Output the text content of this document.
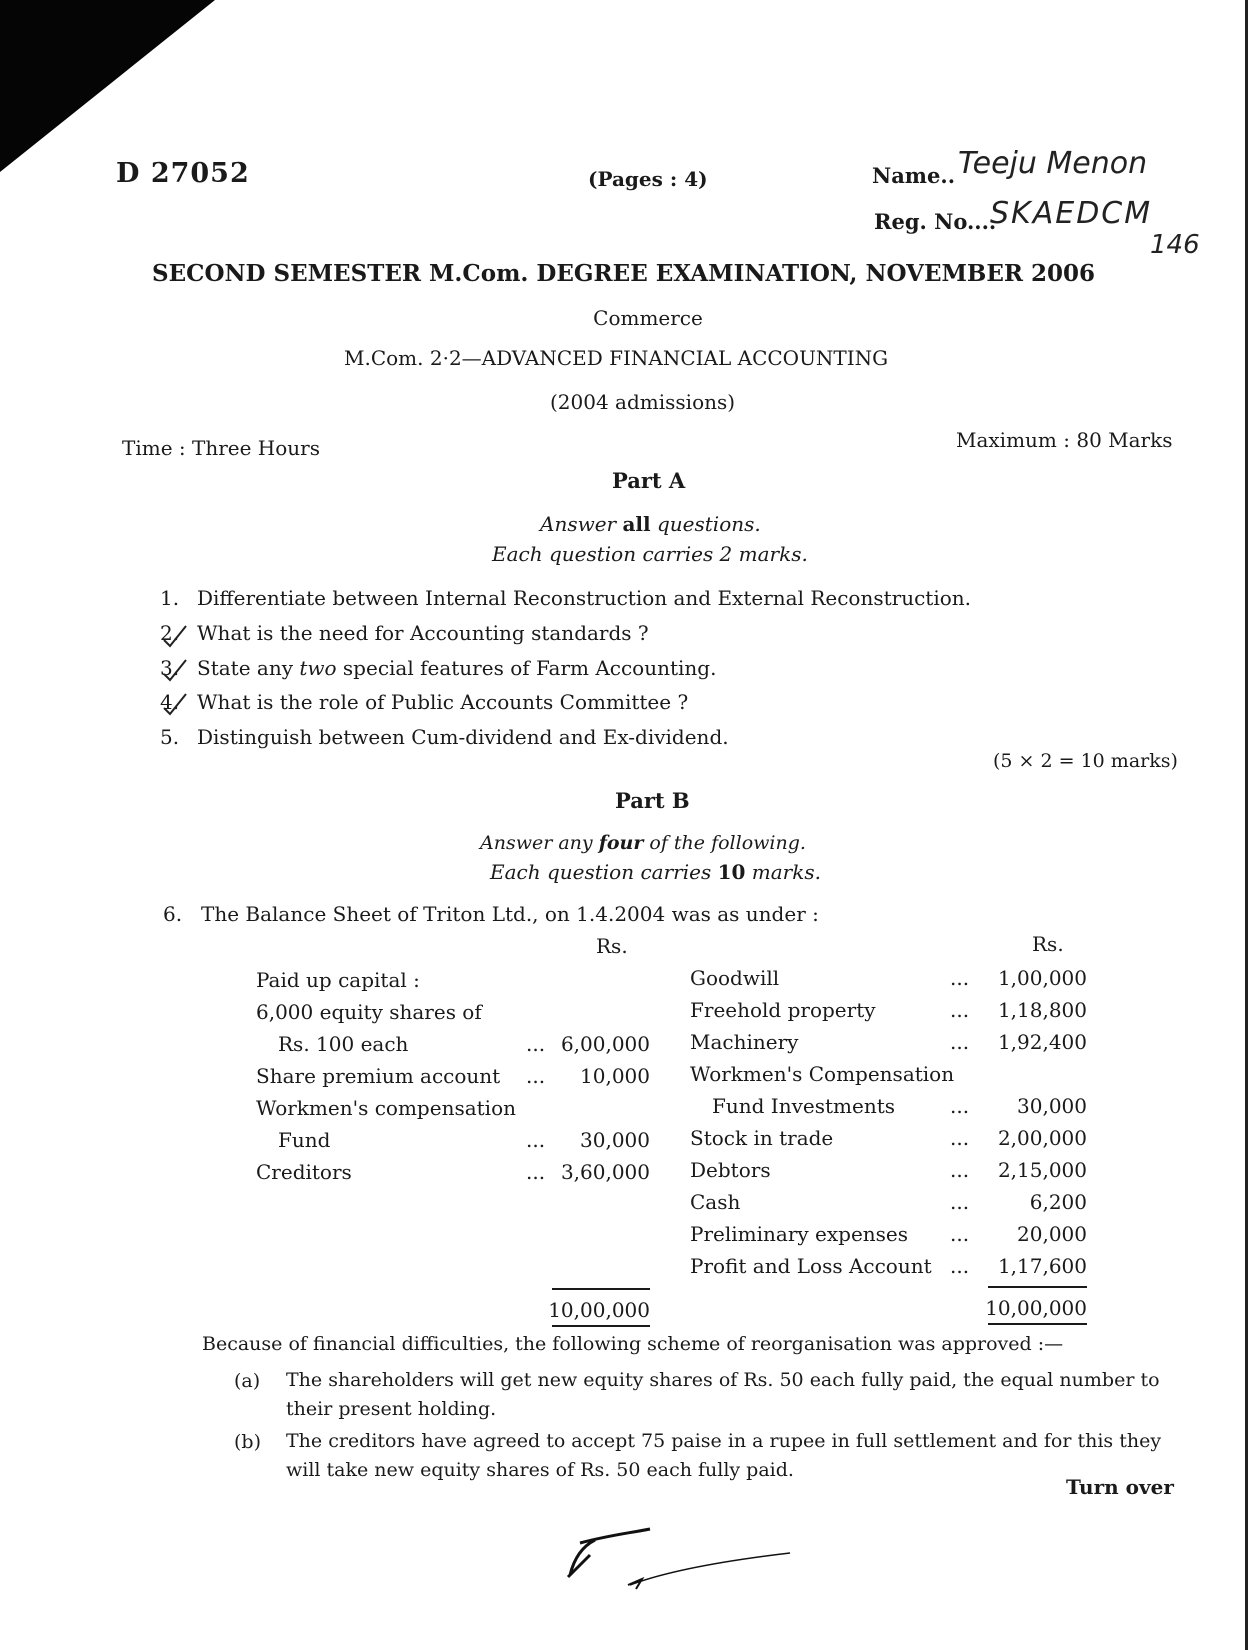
D 27052	(Pages : 4)	Name.. Teeju Menon
Reg. No....
SKAEDCM
146
SECOND SEMESTER M.Com. DEGREE EXAMINATION, NOVEMBER 2006
Commerce
M.Com. 2·2—ADVANCED FINANCIAL ACCOUNTING
(2004 admissions)
Time : Three Hours	Maximum : 80 Marks
Part A
Answer all questions.
Each question carries 2 marks.
1. Differentiate between Internal Reconstruction and External Reconstruction.
2. What is the need for Accounting standards ?
3. State any two special features of Farm Accounting.
4. What is the role of Public Accounts Committee ?
5. Distinguish between Cum-dividend and Ex-dividend.
(5 × 2 = 10 marks)
Part B
Answer any four of the following.
Each question carries 10 marks.
6. The Balance Sheet of Triton Ltd., on 1.4.2004 was as under :
Rs.	Rs.
Paid up capital :
6,000 equity shares of
Rs. 100 each	... 6,00,000
Share premium account ...	10,000
Workmen's compensation
Fund	...	30,000
Creditors	... 3,60,000
Goodwill	...	1,00,000
Freehold property	...	1,18,800
Machinery	...	1,92,400
Workmen's Compensation
Fund Investments	...	30,000
Stock in trade	...	2,00,000
Debtors	...	2,15,000
Cash	...	6,200
Preliminary expenses ...	20,000
Profit and Loss Account ...	1,17,600
10,00,000	10,00,000
Because of financial difficulties, the following scheme of reorganisation was approved :—
(a) The shareholders will get new equity shares of Rs. 50 each fully paid, the equal number to
their present holding.
(b) The creditors have agreed to accept 75 paise in a rupee in full settlement and for this they
will take new equity shares of Rs. 50 each fully paid.
Turn over
